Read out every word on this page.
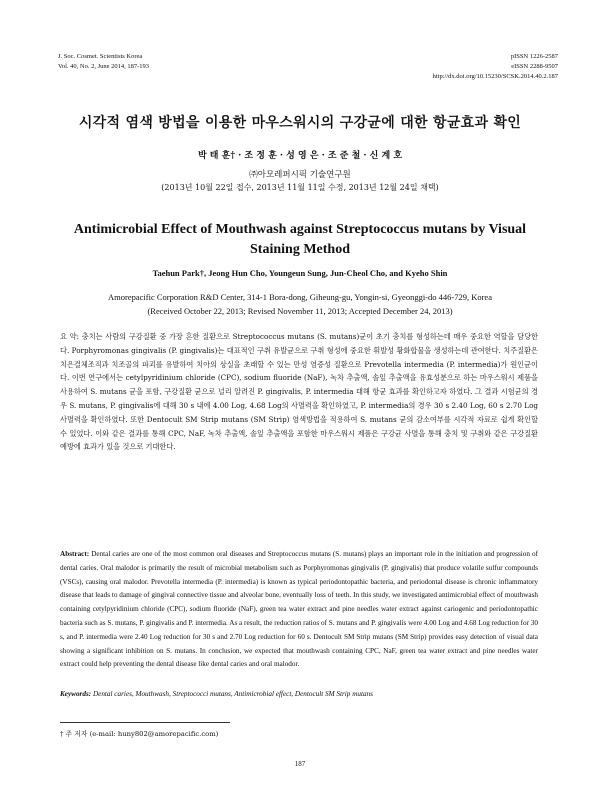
J. Soc. Cosmet. Scientists Korea
Vol. 40, No. 2, June 2014, 187-193
pISSN 1226-2587
eISSN 2288-9507
http://dx.doi.org/10.15230/SCSK.2014.40.2.187
시각적 염색 방법을 이용한 마우스워시의 구강균에 대한 항균효과 확인
박 태 훈† · 조 정 훈 · 성 영 은 · 조 준 철 · 신 계 호
㈜아모레퍼시픽 기술연구원
(2013년 10월 22일 접수, 2013년 11월 11일 수정, 2013년 12월 24일 채택)
Antimicrobial Effect of Mouthwash against Streptococcus mutans by Visual Staining Method
Taehun Park†, Jeong Hun Cho, Youngeun Sung, Jun-Cheol Cho, and Kyeho Shin
Amorepacific Corporation R&D Center, 314-1 Bora-dong, Giheung-gu, Yongin-si, Gyeonggi-do 446-729, Korea
(Received October 22, 2013; Revised November 11, 2013; Accepted December 24, 2013)
요 약: 충치는 사람의 구강질환 중 가장 흔한 질환으로 Streptococcus mutans (S. mutans)균이 초기 충치를 형성하는데 매우 중요한 역할을 담당한다. Porphyromonas gingivalis (P. gingivalis)는 대표적인 구취 유발균으로 구취 형성에 중요한 휘발성 황화합물을 생성하는데 관여한다. 치주질환은 치은결체조직과 치조골의 파괴를 유발하여 치아의 상실을 초래할 수 있는 만성 염증성 질환으로 Prevotella intermedia (P. intermedia)가 원인균이다. 이번 연구에서는 cetylpyridinium chloride (CPC), sodium fluoride (NaF), 녹차 추출액, 솔잎 추출액을 유효성분으로 하는 마우스워시 제품을 사용하여 S. mutans 균을 포함, 구강질환 균으로 널리 알려진 P. gingivalis, P. intermedia 대해 항균 효과를 확인하고자 하였다. 그 결과 시험균의 경우 S. mutans, P. gingivalis에 대해 30 s 내에 4.00 Log, 4.68 Log의 사멸력을 확인하였고, P. intermedia의 경우 30 s 2.40 Log, 60 s 2.70 Log 사멸력을 확인하였다. 또한 Dentocult SM Strip mutans (SM Strip) 염색방법을 적용하여 S. mutans 균의 감소여부를 시각적 자료로 쉽게 확인할 수 있었다. 이와 같은 결과를 통해 CPC, NaF, 녹차 추출액, 솔잎 추출액을 포함한 마우스워시 제품은 구강균 사멸을 통해 충치 및 구취와 같은 구강질환 예방에 효과가 있을 것으로 기대한다.
Abstract: Dental caries are one of the most common oral diseases and Streptococcus mutans (S. mutans) plays an important role in the initiation and progression of dental caries. Oral malodor is primarily the result of microbial metabolism such as Porphyromonas gingivalis (P. gingivalis) that produce volatile sulfur compounds (VSCs), causing oral malodor. Prevotella intermedia (P. intermedia) is known as typical periodontopathic bacteria, and periodontal disease is chronic inflammatory disease that leads to damage of gingival connective tissue and alveolar bone, eventually loss of teeth. In this study, we investigated antimicrobial effect of mouthwash containing cetylpyridinium chloride (CPC), sodium fluoride (NaF), green tea water extract and pine needles water extract against cariogenic and periodontopathic bacteria such as S. mutans, P. gingivalis and P. intermedia. As a result, the reduction ratios of S. mutans and P. gingivalis were 4.00 Log and 4.68 Log reduction for 30 s, and P. intermedia were 2.40 Log reduction for 30 s and 2.70 Log reduction for 60 s. Dentocult SM Strip mutans (SM Strip) provides easy detection of visual data showing a significant inhibition on S. mutans. In conclusion, we expected that mouthwash containing CPC, NaF, green tea water extract and pine needles water extract could help preventing the dental disease like dental caries and oral malodor.
Keywords: Dental caries, Mouthwash, Streptococci mutans, Antimicrobial effect, Dentocult SM Strip mutans
† 주 저자 (e-mail: huny802@amorepacific.com)
187
